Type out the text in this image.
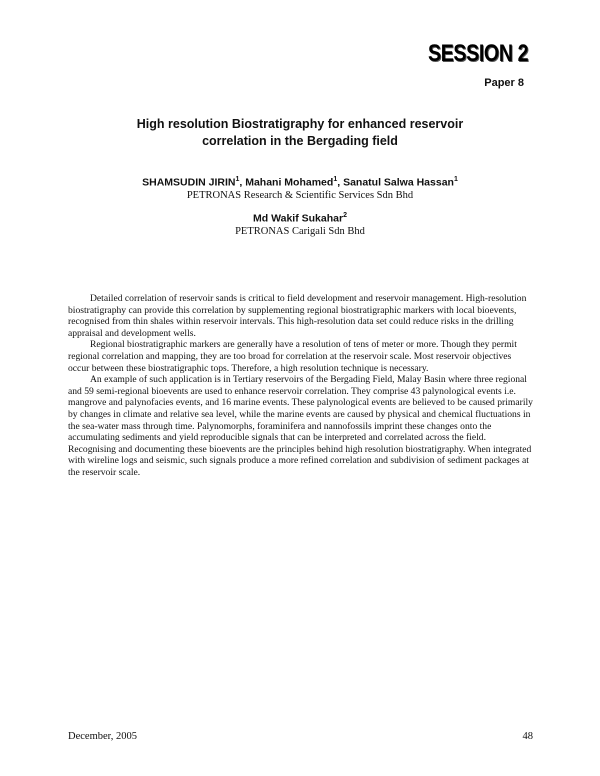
SESSION 2
Paper 8
High resolution Biostratigraphy for enhanced reservoir
correlation in the Bergading field
SHAMSUDIN JIRIN$^1$, Mahani Mohamed$^1$, Sanatul Salwa Hassan$^1$
PETRONAS Research & Scientific Services Sdn Bhd
Md Wakif Sukahar$^2$
PETRONAS Carigali Sdn Bhd

Detailed correlation of reservoir sands is critical to field development and reservoir management. High-resolution biostratigraphy can provide this correlation by supplementing regional biostratigraphic markers with local bioevents, recognised from thin shales within reservoir intervals. This high-resolution data set could reduce risks in the drilling appraisal and development wells.

Regional biostratigraphic markers are generally have a resolution of tens of meter or more. Though they permit regional correlation and mapping, they are too broad for correlation at the reservoir scale. Most reservoir objectives occur between these biostratigraphic tops. Therefore, a high resolution technique is necessary.

An example of such application is in Tertiary reservoirs of the Bergading Field, Malay Basin where three regional and 59 semi-regional bioevents are used to enhance reservoir correlation. They comprise 43 palynological events i.e. mangrove and palynofacies events, and 16 marine events. These palynological events are believed to be caused primarily by changes in climate and relative sea level, while the marine events are caused by physical and chemical fluctuations in the sea-water mass through time. Palynomorphs, foraminifera and nannofossils imprint these changes onto the accumulating sediments and yield reproducible signals that can be interpreted and correlated across the field. Recognising and documenting these bioevents are the principles behind high resolution biostratigraphy. When integrated with wireline logs and seismic, such signals produce a more refined correlation and subdivision of sediment packages at the reservoir scale.

December, 2005	48
